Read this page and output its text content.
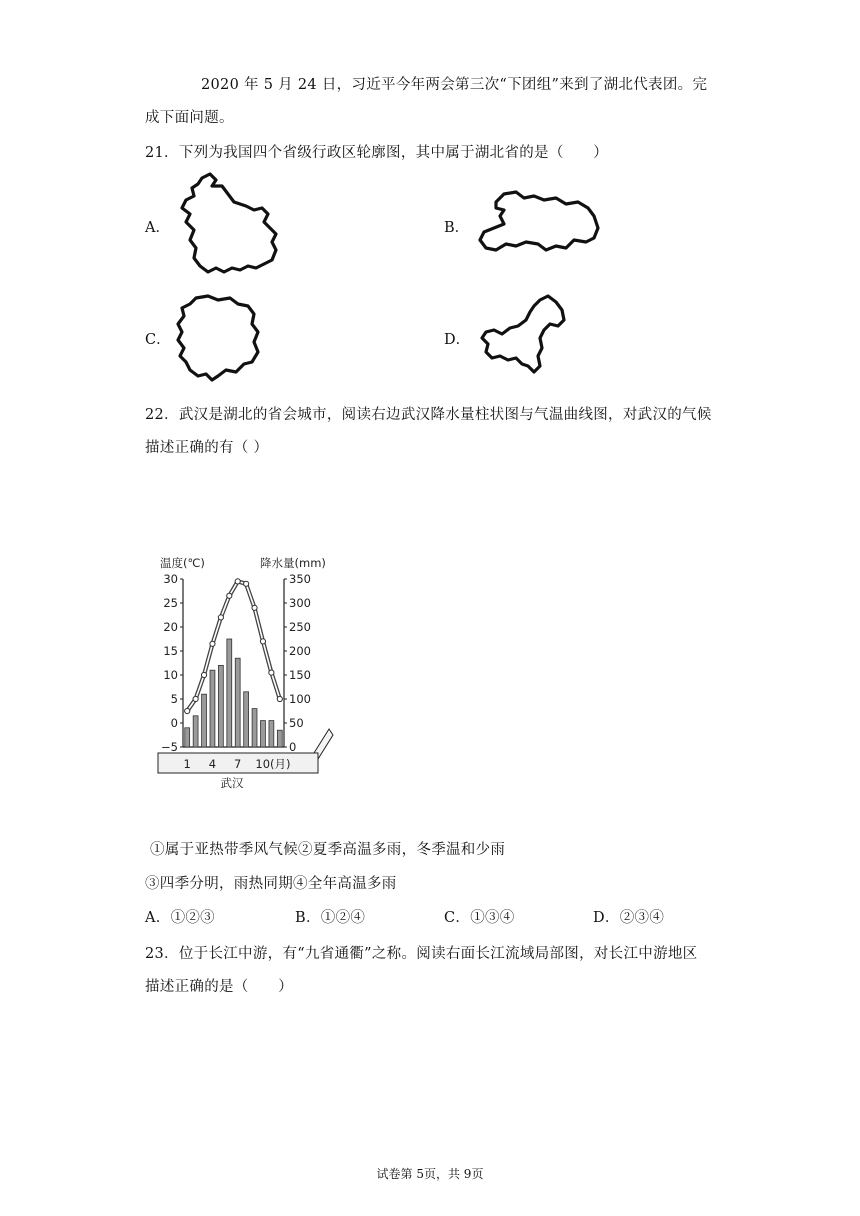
2020 年 5 月 24 日，习近平今年两会第三次“下团组”来到了湖北代表团。完
成下面问题。
21．下列为我国四个省级行政区轮廓图，其中属于湖北省的是（　　）
A．	B．
C．	D．
22．武汉是湖北的省会城市，阅读右边武汉降水量柱状图与气温曲线图，对武汉的气候
描述正确的有（ ）
温度(℃)	降水量(mm)
30
25
20
15
10
5
0
−5
350
300
250
200
150
100
50
0
1 4 7 10(月)
武汉
①属于亚热带季风气候②夏季高温多雨，冬季温和少雨
③四季分明，雨热同期④全年高温多雨
A．①②③	B．①②④	C．①③④	D．②③④
23．位于长江中游，有“九省通衢”之称。阅读右面长江流域局部图，对长江中游地区
描述正确的是（　　）
试卷第 5页，共 9页
